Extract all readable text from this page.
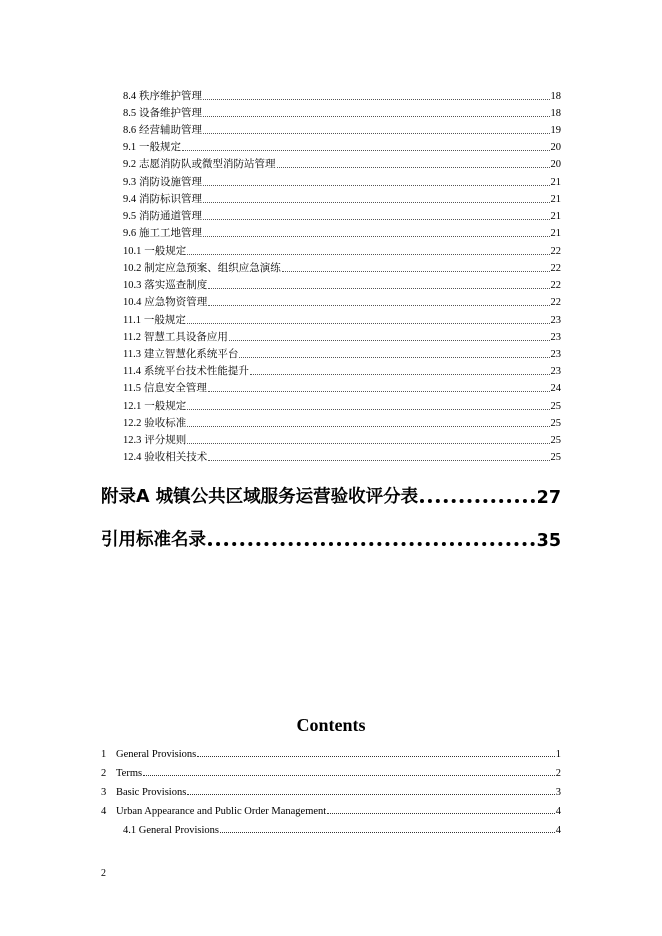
8.4 秩序维护管理	18
8.5 设备维护管理	18
8.6 经营辅助管理	19
9.1 一般规定	20
9.2 志愿消防队或微型消防站管理	20
9.3 消防设施管理	21
9.4 消防标识管理	21
9.5 消防通道管理	21
9.6 施工工地管理	21
10.1 一般规定	22
10.2 制定应急预案、组织应急演练	22
10.3 落实巡查制度	22
10.4 应急物资管理	22
11.1 一般规定	23
11.2 智慧工具设备应用	23
11.3 建立智慧化系统平台	23
11.4 系统平台技术性能提升	23
11.5 信息安全管理	24
12.1 一般规定	25
12.2 验收标准	25
12.3 评分规则	25
12.4 验收相关技术	25
附录A 城镇公共区域服务运营验收评分表	27
引用标准名录	35
Contents
1 General Provisions	1
2 Terms	2
3 Basic Provisions	3
4 Urban Appearance and Public Order Management	4
4.1 General Provisions	4
2
